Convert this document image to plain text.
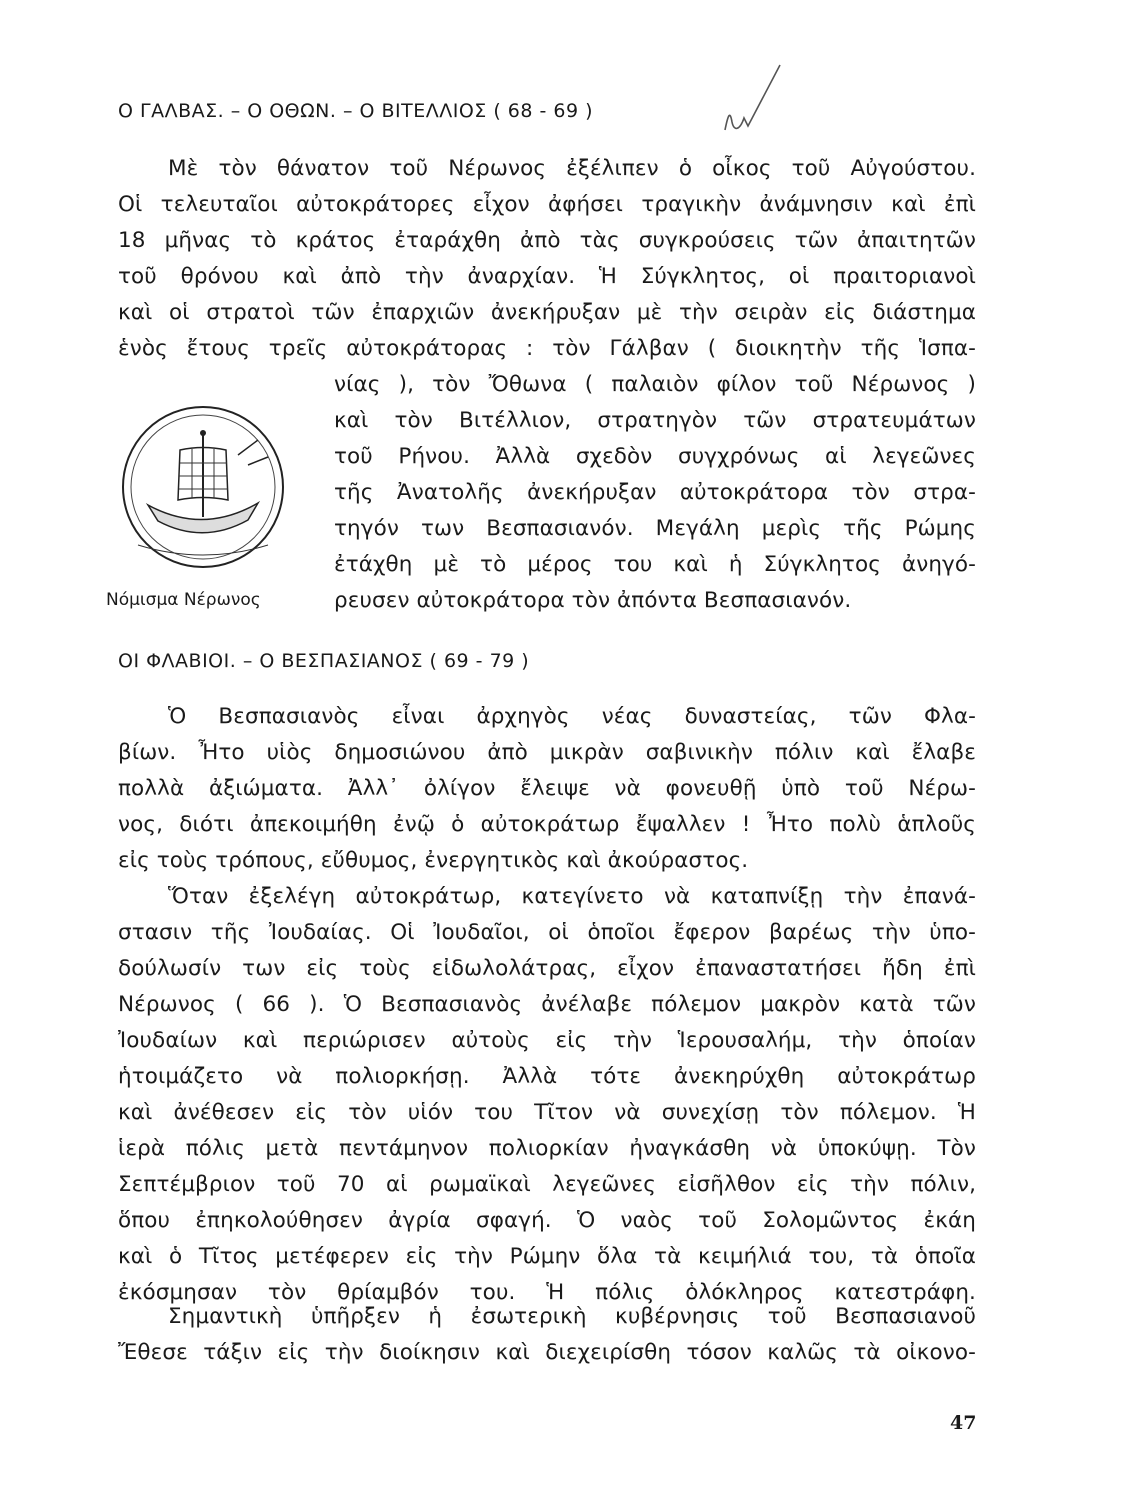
Ο ΓΑΛΒΑΣ. – Ο ΟΘΩΝ. – Ο ΒΙΤΕΛΛΙΟΣ ( 68 - 69 )
Μὲ τὸν θάνατον τοῦ Νέρωνος ἐξέλιπεν ὁ οἶκος τοῦ Αὐγούστου.
Οἱ τελευταῖοι αὐτοκράτορες εἶχον ἀφήσει τραγικὴν ἀνάμνησιν καὶ ἐπὶ
18 μῆνας τὸ κράτος ἐταράχθη ἀπὸ τὰς συγκρούσεις τῶν ἀπαιτητῶν
τοῦ θρόνου καὶ ἀπὸ τὴν ἀναρχίαν. Ἡ Σύγκλητος, οἱ πραιτοριανοὶ
καὶ οἱ στρατοὶ τῶν ἐπαρχιῶν ἀνεκήρυξαν μὲ τὴν σειρὰν εἰς διάστημα
ἑνὸς ἔτους τρεῖς αὐτοκράτορας : τὸν Γάλβαν ( διοικητὴν τῆς Ἱσπα-
νίας ), τὸν Ὄθωνα ( παλαιὸν φίλον τοῦ Νέρωνος )
καὶ τὸν Βιτέλλιον, στρατηγὸν τῶν στρατευμάτων
τοῦ Ρήνου. Ἀλλὰ σχεδὸν συγχρόνως αἱ λεγεῶνες
τῆς Ἀνατολῆς ἀνεκήρυξαν αὐτοκράτορα τὸν στρα-
τηγόν των Βεσπασιανόν. Μεγάλη μερὶς τῆς Ρώμης
ἐτάχθη μὲ τὸ μέρος του καὶ ἡ Σύγκλητος ἀνηγό-
ρευσεν αὐτοκράτορα τὸν ἀπόντα Βεσπασιανόν.
Νόμισμα Νέρωνος
ΟΙ ΦΛΑΒΙΟΙ. – Ο ΒΕΣΠΑΣΙΑΝΟΣ ( 69 - 79 )
Ὁ Βεσπασιανὸς εἶναι ἀρχηγὸς νέας δυναστείας, τῶν Φλα-
βίων. Ἦτο υἱὸς δημοσιώνου ἀπὸ μικρὰν σαβινικὴν πόλιν καὶ ἔλαβε
πολλὰ ἀξιώματα. Ἀλλ᾿ ὀλίγον ἔλειψε νὰ φονευθῇ ὑπὸ τοῦ Νέρω-
νος, διότι ἀπεκοιμήθη ἐνῷ ὁ αὐτοκράτωρ ἔψαλλεν ! Ἦτο πολὺ ἁπλοῦς
εἰς τοὺς τρόπους, εὔθυμος, ἐνεργητικὸς καὶ ἀκούραστος.
Ὅταν ἐξελέγη αὐτοκράτωρ, κατεγίνετο νὰ καταπνίξῃ τὴν ἐπανά-
στασιν τῆς Ἰουδαίας. Οἱ Ἰουδαῖοι, οἱ ὁποῖοι ἔφερον βαρέως τὴν ὑπο-
δούλωσίν των εἰς τοὺς εἰδωλολάτρας, εἶχον ἐπαναστατήσει ἤδη ἐπὶ
Νέρωνος ( 66 ). Ὁ Βεσπασιανὸς ἀνέλαβε πόλεμον μακρὸν κατὰ τῶν
Ἰουδαίων καὶ περιώρισεν αὐτοὺς εἰς τὴν Ἱερουσαλήμ, τὴν ὁποίαν
ἡτοιμάζετο νὰ πολιορκήσῃ. Ἀλλὰ τότε ἀνεκηρύχθη αὐτοκράτωρ
καὶ ἀνέθεσεν εἰς τὸν υἱόν του Τῖτον νὰ συνεχίσῃ τὸν πόλεμον. Ἡ
ἱερὰ πόλις μετὰ πεντάμηνον πολιορκίαν ἠναγκάσθη νὰ ὑποκύψῃ. Τὸν
Σεπτέμβριον τοῦ 70 αἱ ρωμαϊκαὶ λεγεῶνες εἰσῆλθον εἰς τὴν πόλιν,
ὅπου ἐπηκολούθησεν ἀγρία σφαγή. Ὁ ναὸς τοῦ Σολομῶντος ἐκάη
καὶ ὁ Τῖτος μετέφερεν εἰς τὴν Ρώμην ὅλα τὰ κειμήλιά του, τὰ ὁποῖα
ἐκόσμησαν τὸν θρίαμβόν του. Ἡ πόλις ὁλόκληρος κατεστράφη.
Σημαντικὴ ὑπῆρξεν ἡ ἐσωτερικὴ κυβέρνησις τοῦ Βεσπασιανοῦ
Ἔθεσε τάξιν εἰς τὴν διοίκησιν καὶ διεχειρίσθη τόσον καλῶς τὰ οἰκονο-
47
